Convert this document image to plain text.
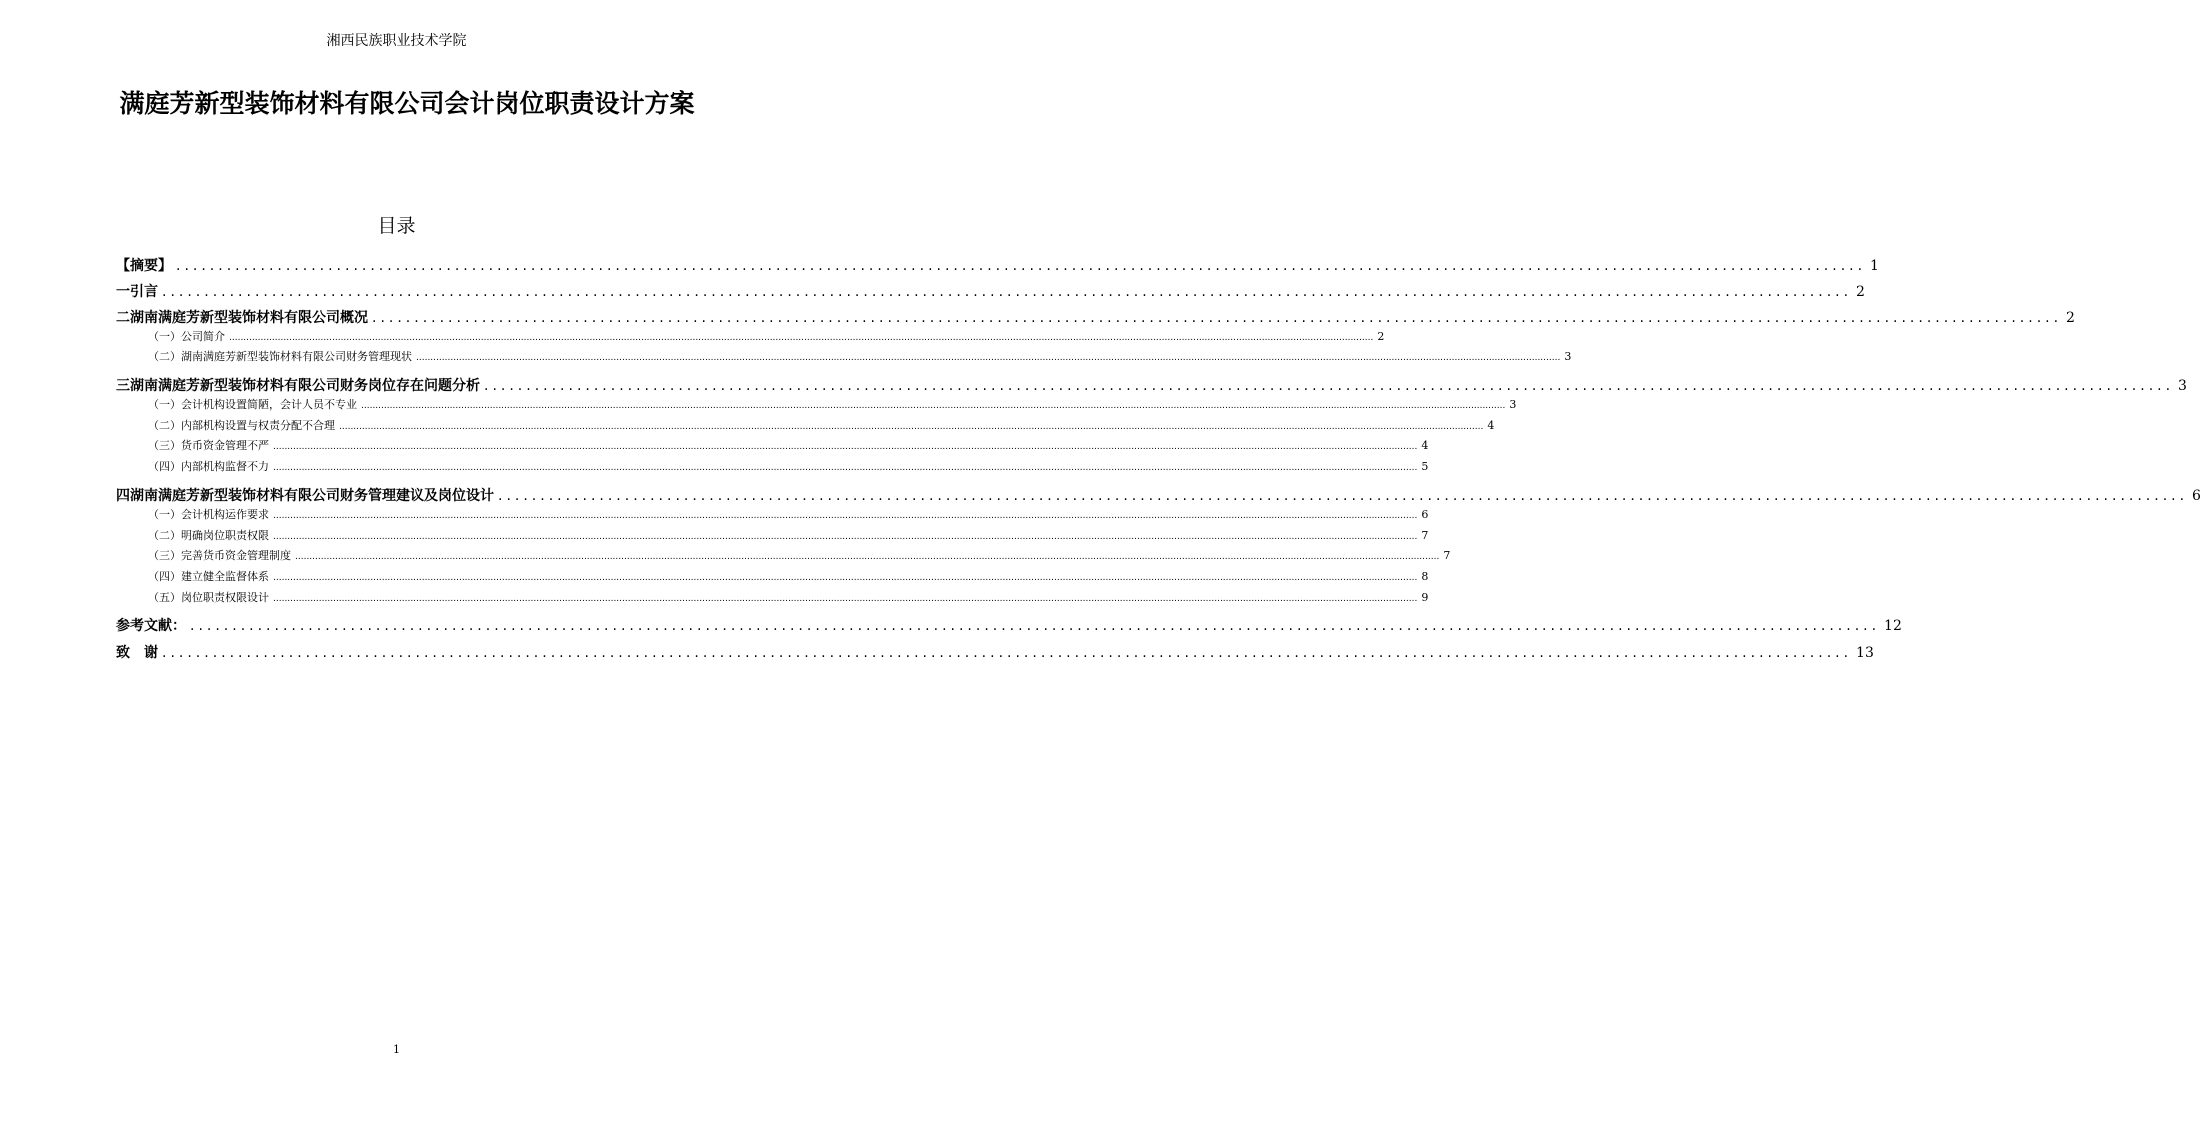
湘西民族职业技术学院
满庭芳新型装饰材料有限公司会计岗位职责设计方案
目录
【摘要】 ........................................................................................................................................................................................................ 1
一 引言 ........................................................................................................................................................................................................ 2
二 湖南满庭芳新型装饰材料有限公司概况 ........................................................................................................................................................................................................ 2
（一）公司简介 ................................................................................................................................................................................................................................................................................................................................................................................................................ 2
（二）湖南满庭芳新型装饰材料有限公司财务管理现状 ................................................................................................................................................................................................................................................................................................................................................................................................................ 3
三 湖南满庭芳新型装饰材料有限公司财务岗位存在问题分析 ........................................................................................................................................................................................................ 3
（一）会计机构设置简陋，会计人员不专业 ................................................................................................................................................................................................................................................................................................................................................................................................................ 3
（二）内部机构设置与权责分配不合理 ................................................................................................................................................................................................................................................................................................................................................................................................................ 4
（三）货币资金管理不严 ................................................................................................................................................................................................................................................................................................................................................................................................................ 4
（四）内部机构监督不力 ................................................................................................................................................................................................................................................................................................................................................................................................................ 5
四 湖南满庭芳新型装饰材料有限公司财务管理建议及岗位设计 ........................................................................................................................................................................................................ 6
（一）会计机构运作要求 ................................................................................................................................................................................................................................................................................................................................................................................................................ 6
（二）明确岗位职责权限 ................................................................................................................................................................................................................................................................................................................................................................................................................ 7
（三）完善货币资金管理制度 ................................................................................................................................................................................................................................................................................................................................................................................................................ 7
（四）建立健全监督体系 ................................................................................................................................................................................................................................................................................................................................................................................................................ 8
（五）岗位职责权限设计 ................................................................................................................................................................................................................................................................................................................................................................................................................ 9
参考文献： ........................................................................................................................................................................................................ 12
致　谢 ........................................................................................................................................................................................................ 13
1
